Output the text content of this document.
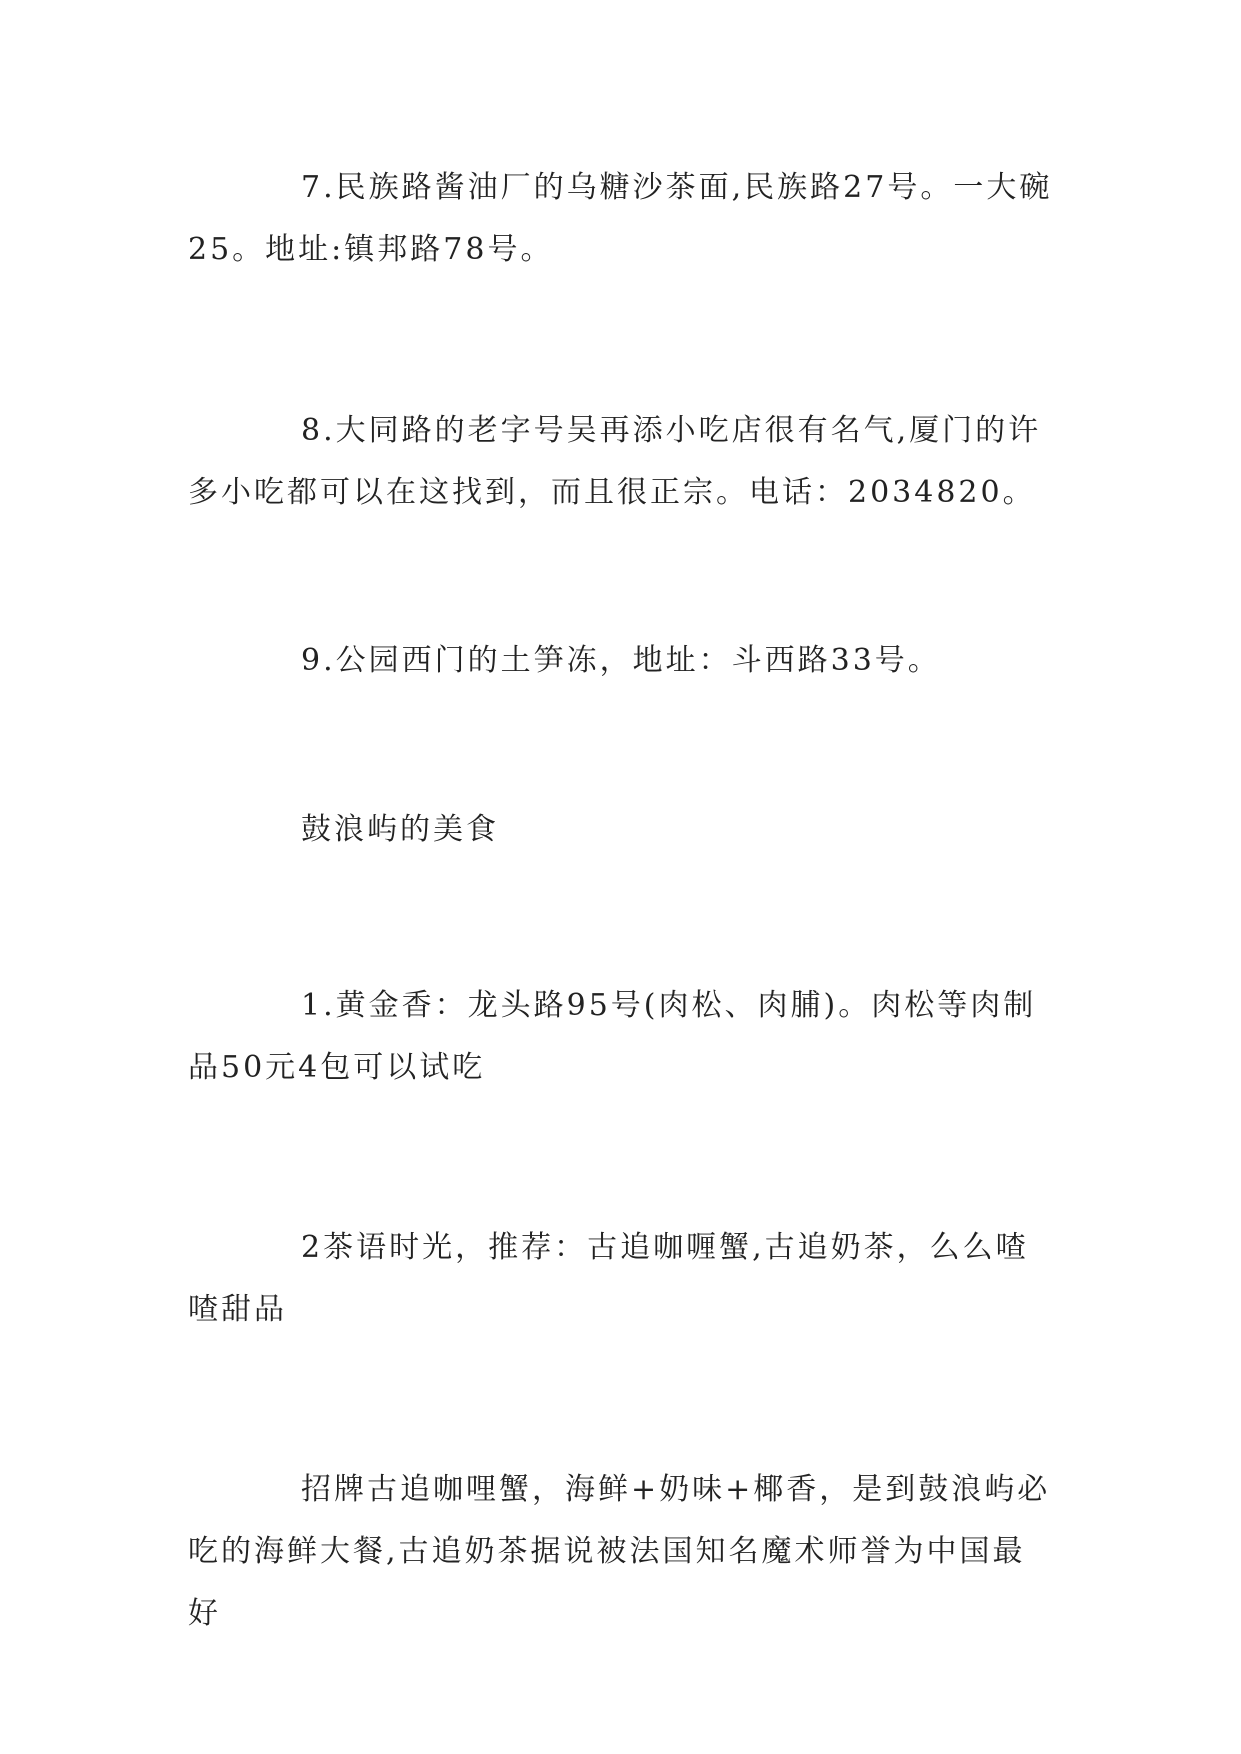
7.民族路酱油厂的乌糖沙茶面,民族路27号。一大碗25。地址:镇邦路78号。

8.大同路的老字号吴再添小吃店很有名气,厦门的许多小吃都可以在这找到，而且很正宗。电话：2034820。

9.公园西门的土笋冻，地址：斗西路33号。

鼓浪屿的美食

1.黄金香：龙头路95号(肉松、肉脯)。肉松等肉制品50元4包可以试吃

2茶语时光，推荐：古追咖喱蟹,古追奶茶，么么喳喳甜品

招牌古追咖哩蟹，海鲜+奶味+椰香，是到鼓浪屿必吃的海鲜大餐,古追奶茶据说被法国知名魔术师誉为中国最好
